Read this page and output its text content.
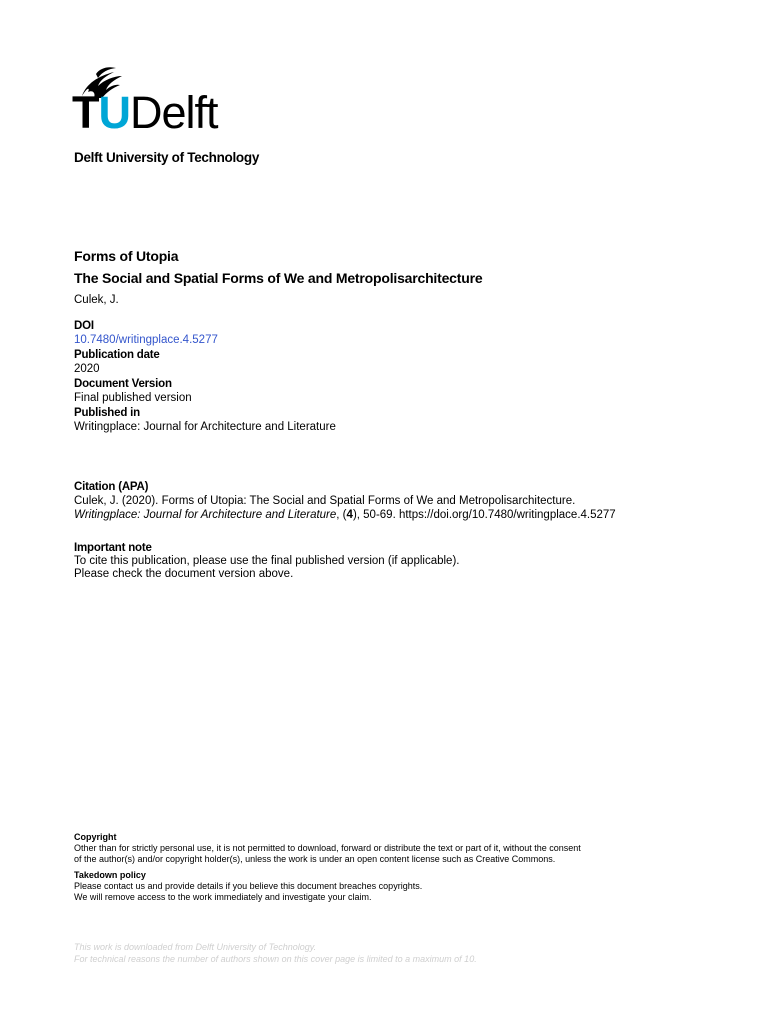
TUDelft
Delft University of Technology
Forms of Utopia
The Social and Spatial Forms of We and Metropolisarchitecture
Culek, J.
DOI
10.7480/writingplace.4.5277
Publication date
2020
Document Version
Final published version
Published in
Writingplace: Journal for Architecture and Literature
Citation (APA)
Culek, J. (2020). Forms of Utopia: The Social and Spatial Forms of We and Metropolisarchitecture.
Writingplace: Journal for Architecture and Literature, (4), 50-69. https://doi.org/10.7480/writingplace.4.5277
Important note
To cite this publication, please use the final published version (if applicable).
Please check the document version above.
Copyright
Other than for strictly personal use, it is not permitted to download, forward or distribute the text or part of it, without the consent
of the author(s) and/or copyright holder(s), unless the work is under an open content license such as Creative Commons.
Takedown policy
Please contact us and provide details if you believe this document breaches copyrights.
We will remove access to the work immediately and investigate your claim.
This work is downloaded from Delft University of Technology.
For technical reasons the number of authors shown on this cover page is limited to a maximum of 10.
